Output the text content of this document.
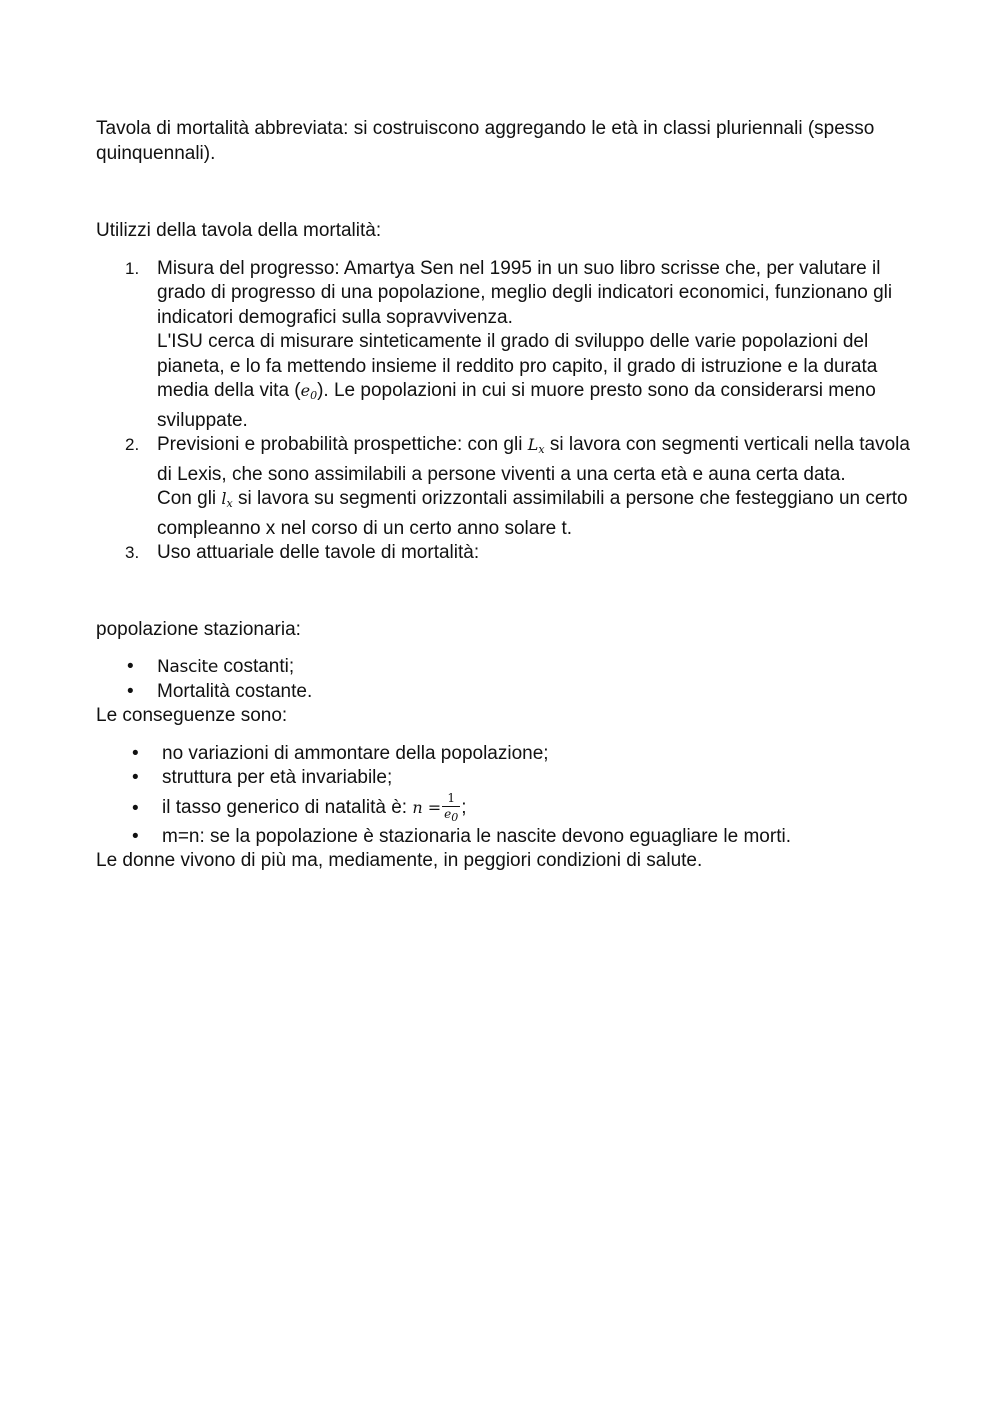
Tavola di mortalità abbreviata: si costruiscono aggregando le età in classi pluriennali (spesso quinquennali).

Utilizzi della tavola della mortalità:

1. Misura del progresso: Amartya Sen nel 1995 in un suo libro scrisse che, per valutare il grado di progresso di una popolazione, meglio degli indicatori economici, funzionano gli indicatori demografici sulla sopravvivenza.

L'ISU cerca di misurare sinteticamente il grado di sviluppo delle varie popolazioni del pianeta, e lo fa mettendo insieme il reddito pro capito, il grado di istruzione e la durata media della vita $(e_0)$. Le popolazioni in cui si muore presto sono da considerarsi meno sviluppate.

2. Previsioni e probabilità prospettiche: con gli $L_x$ si lavora con segmenti verticali nella tavola di Lexis, che sono assimilabili a persone viventi a una certa età e auna certa data.

Con gli $l_x$ si lavora su segmenti orizzontali assimilabili a persone che festeggiano un certo compleanno x nel corso di un certo anno solare t.

3. Uso attuariale delle tavole di mortalità:

popolazione stazionaria:

• Nascite costanti;
• Mortalità costante.

Le conseguenze sono:

• no variazioni di ammontare della popolazione;
• struttura per età invariabile;
• il tasso generico di natalità è: $n = \frac{1}{e0}$ ;
• m=n: se la popolazione è stazionaria le nascite devono eguagliare le morti.

Le donne vivono di più ma, mediamente, in peggiori condizioni di salute.
